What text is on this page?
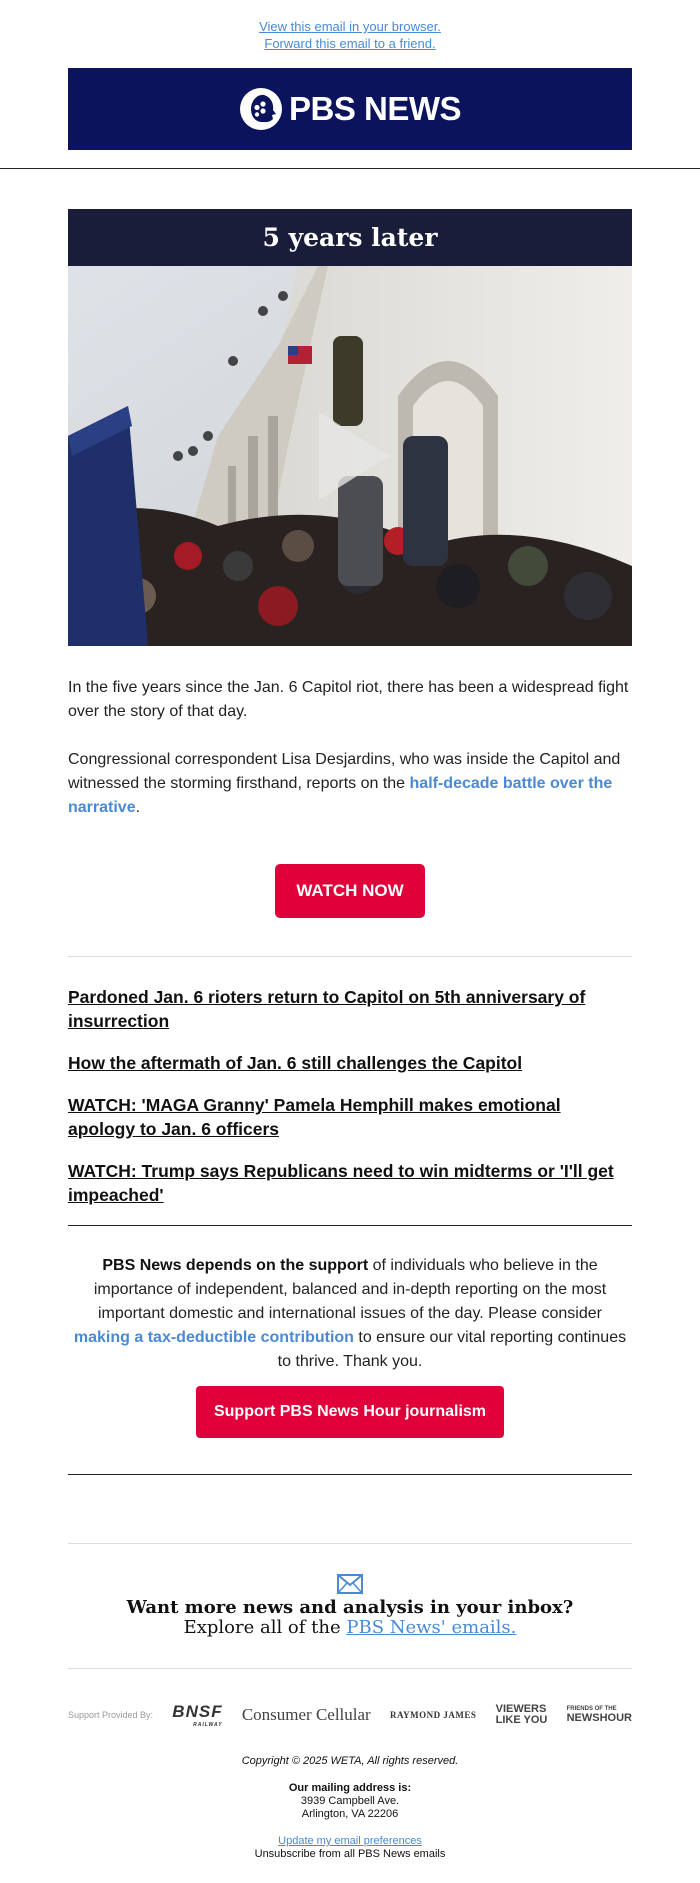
View this email in your browser.
Forward this email to a friend.
PBS NEWS
5 years later

In the five years since the Jan. 6 Capitol riot, there has been a widespread fight over the story of that day.

Congressional correspondent Lisa Desjardins, who was inside the Capitol and witnessed the storming firsthand, reports on the half-decade battle over the narrative.

WATCH NOW
Pardoned Jan. 6 rioters return to Capitol on 5th anniversary of insurrection
How the aftermath of Jan. 6 still challenges the Capitol
WATCH: 'MAGA Granny' Pamela Hemphill makes emotional apology to Jan. 6 officers
WATCH: Trump says Republicans need to win midterms or 'I'll get impeached'
PBS News depends on the support of individuals who believe in the importance of independent, balanced and in-depth reporting on the most important domestic and international issues of the day. Please consider making a tax-deductible contribution to ensure our vital reporting continues to thrive. Thank you.
Support PBS News Hour journalism
Want more news and analysis in your inbox?
Explore all of the PBS News' emails.
Support Provided By: BNSF
RAILWAY
Consumer Cellular RAYMOND JAMES VIEWERS
LIKE YOU
FRIENDS OF THE
NEWSHOUR
Copyright © 2025 WETA, All rights reserved.
Our mailing address is:
3939 Campbell Ave.
Arlington, VA 22206
Update my email preferences
Unsubscribe from all PBS News emails
